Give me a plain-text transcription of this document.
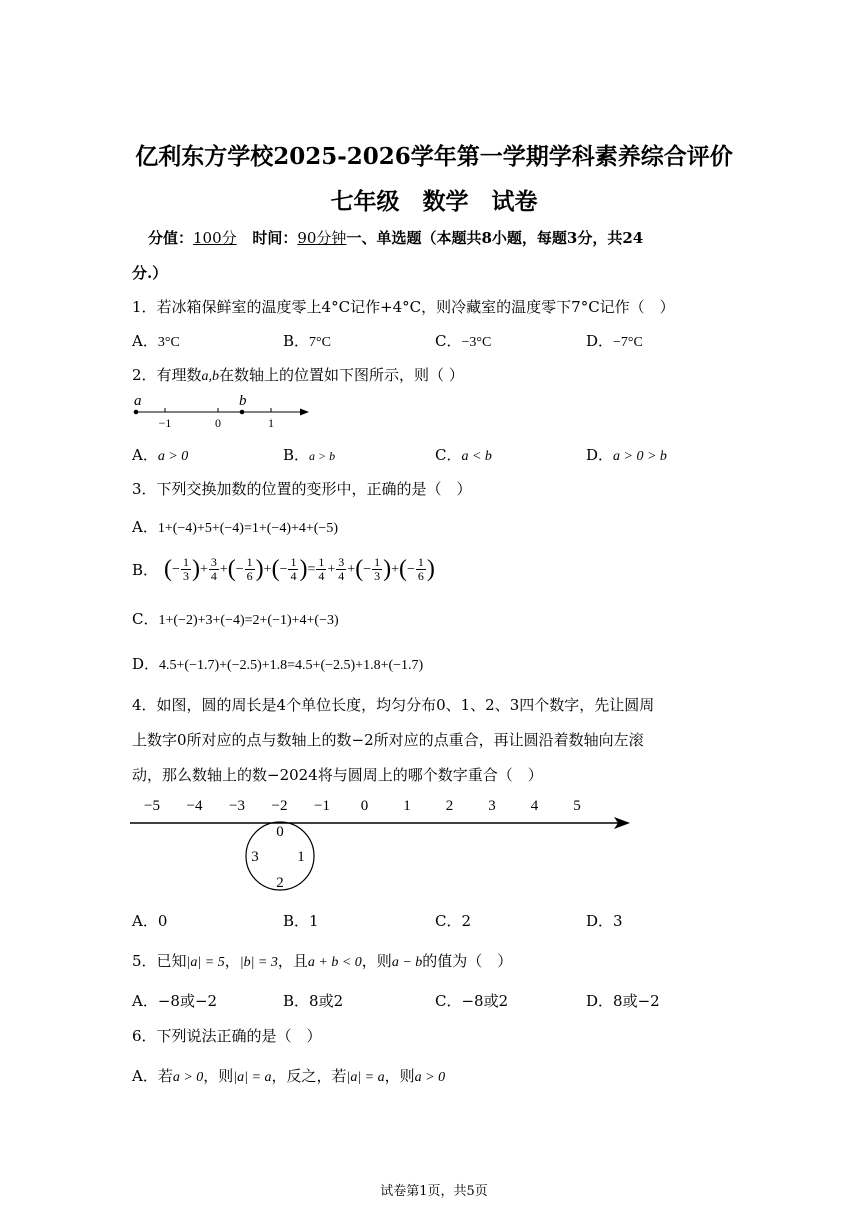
亿利东方学校2025-2026学年第一学期学科素养综合评价
七年级　数学　试卷
分值：100分 时间：90分钟一、单选题（本题共8小题，每题3分，共24
分.）
1．若冰箱保鲜室的温度零上4°C记作+4°C，则冷藏室的温度零下7°C记作（　）
A．3°C	B．7°C	C．−3°C	D．−7°C
2．有理数a,b在数轴上的位置如下图所示，则（ ）
a	b
−1	0	1
A．a > 0	B．a > b	C．a < b	D．a > 0 > b
3．下列交换加数的位置的变形中，正确的是（　）
A．1+(−4)+5+(−4)=1+(−4)+4+(−5)
B． ( − $\frac{1}{3}$ ) + $\frac{3}{4}$ + ( − $\frac{1}{6}$ ) + ( − $\frac{1}{4}$ ) = $\frac{1}{4} + \frac{3}{4}$ + ( − $\frac{1}{3}$ ) + ( − $\frac{1}{6}$ )
C．1+(−2)+3+(−4)=2+(−1)+4+(−3)
D．4.5+(−1.7)+(−2.5)+1.8=4.5+(−2.5)+1.8+(−1.7)
4．如图，圆的周长是4个单位长度，均匀分布0、1、2、3四个数字，先让圆周
上数字0所对应的点与数轴上的数−2所对应的点重合，再让圆沿着数轴向左滚
动，那么数轴上的数−2024将与圆周上的哪个数字重合（　）
−5 −4 −3 −2 −1 0 1 2 3 4 5
0
1
2
3
A．0	B．1	C．2	D．3
5．已知|a| = 5，|b| = 3，且a + b < 0，则a − b的值为（　）
A．−8或−2	B．8或2	C．−8或2	D．8或−2
6．下列说法正确的是（　）
A．若a > 0，则|a| = a，反之，若|a| = a，则a > 0
试卷第1页，共5页
